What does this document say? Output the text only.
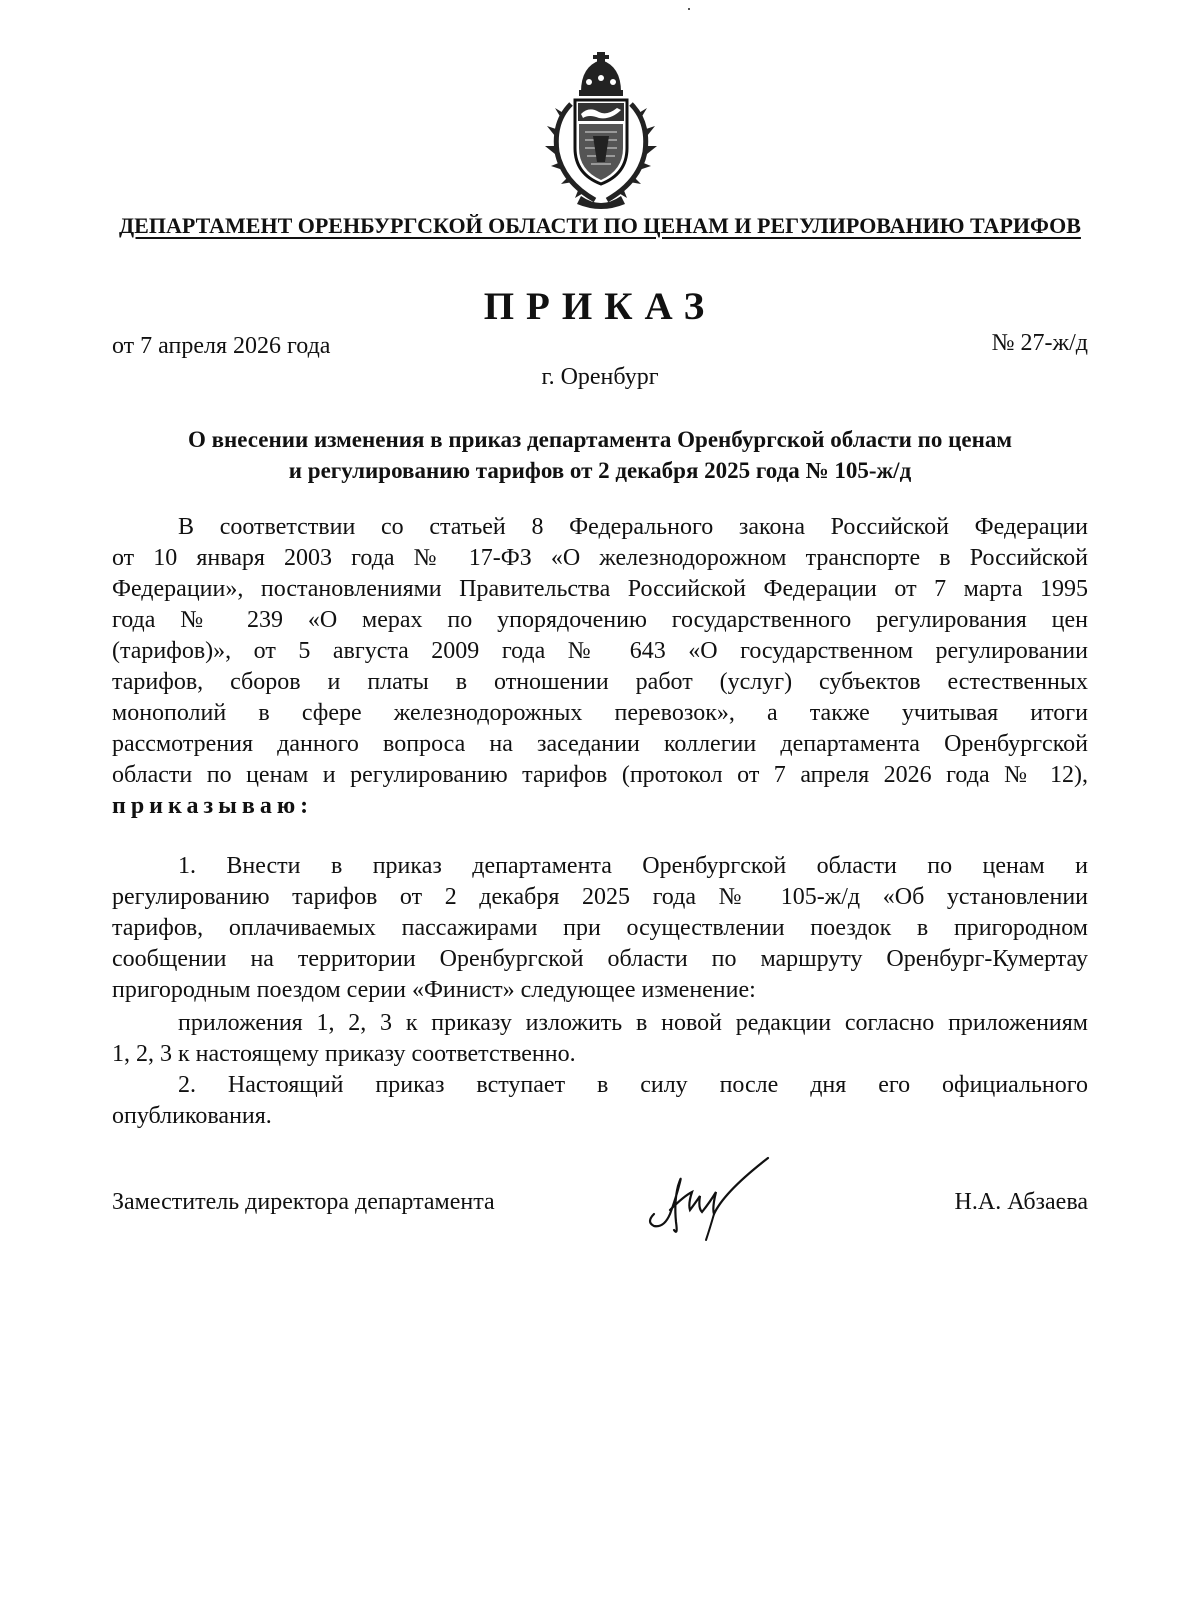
ДЕПАРТАМЕНТ ОРЕНБУРГСКОЙ ОБЛАСТИ ПО ЦЕНАМ И РЕГУЛИРОВАНИЮ ТАРИФОВ
ПРИКАЗ
от 7 апреля 2026 года	№ 27-ж/д
г. Оренбург
О внесении изменения в приказ департамента Оренбургской области по ценам
и регулированию тарифов от 2 декабря 2025 года № 105-ж/д
В соответствии со статьей 8 Федерального закона Российской Федерации
от 10 января 2003 года № 17-ФЗ «О железнодорожном транспорте в Российской
Федерации», постановлениями Правительства Российской Федерации от 7 марта 1995
года № 239 «О мерах по упорядочению государственного регулирования цен
(тарифов)», от 5 августа 2009 года № 643 «О государственном регулировании
тарифов, сборов и платы в отношении работ (услуг) субъектов естественных
монополий в сфере железнодорожных перевозок», а также учитывая итоги
рассмотрения данного вопроса на заседании коллегии департамента Оренбургской
области по ценам и регулированию тарифов (протокол от 7 апреля 2026 года № 12),
приказываю:
1. Внести в приказ департамента Оренбургской области по ценам и
регулированию тарифов от 2 декабря 2025 года № 105-ж/д «Об установлении
тарифов, оплачиваемых пассажирами при осуществлении поездок в пригородном
сообщении на территории Оренбургской области по маршруту Оренбург-Кумертау
пригородным поездом серии «Финист» следующее изменение:
приложения 1, 2, 3 к приказу изложить в новой редакции согласно приложениям
1, 2, 3 к настоящему приказу соответственно.
2. Настоящий приказ вступает в силу после дня его официального
опубликования.
Заместитель директора департамента	Н.А. Абзаева
